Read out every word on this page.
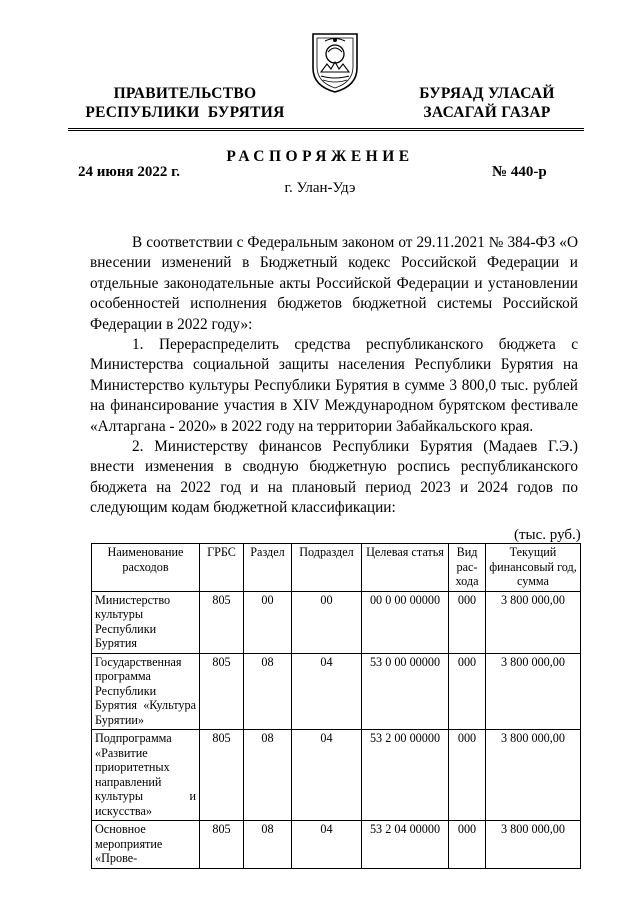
ПРАВИТЕЛЬСТВО
РЕСПУБЛИКИ  БУРЯТИЯ
БУРЯАД УЛАСАЙ
ЗАСАГАЙ ГАЗАР
РАСПОРЯЖЕНИЕ
24 июня 2022 г.	№ 440-р
г. Улан-Удэ

В соответствии с Федеральным законом от 29.11.2021 № 384-ФЗ «О внесении изменений в Бюджетный кодекс Российской Федерации и отдельные законодательные акты Российской Федерации и установлении особенностей исполнения бюджетов бюджетной системы Российской Федерации в 2022 году»:

1. Перераспределить средства республиканского бюджета с Министерства социальной защиты населения Республики Бурятия на Министерство культуры Республики Бурятия в сумме 3 800,0 тыс. рублей на финансирование участия в XIV Международном бурятском фестивале «Алтаргана - 2020» в 2022 году на территории Забайкальского края.

2. Министерству финансов Республики Бурятия (Мадаев Г.Э.) внести изменения в сводную бюджетную роспись республиканского бюджета на 2022 год и на плановый период 2023 и 2024 годов по следующим кодам бюджетной классификации:

(тыс. руб.)
Наименование расходов	ГРБС	Раздел	Подраздел	Целевая статья	Вид рас-хода	Текущий финансовый год, сумма
Министерство культуры Республики Бурятия	805	00	00	00 0 00 00000	000	3 800 000,00
Государственная программа Республики Бурятия «Культура Бурятии»	805	08	04	53 0 00 00000	000	3 800 000,00
Подпрограмма «Развитие приоритетных направлений культуры и искусства»	805	08	04	53 2 00 00000	000	3 800 000,00
Основное мероприятие «Прове-	805	08	04	53 2 04 00000	000	3 800 000,00
